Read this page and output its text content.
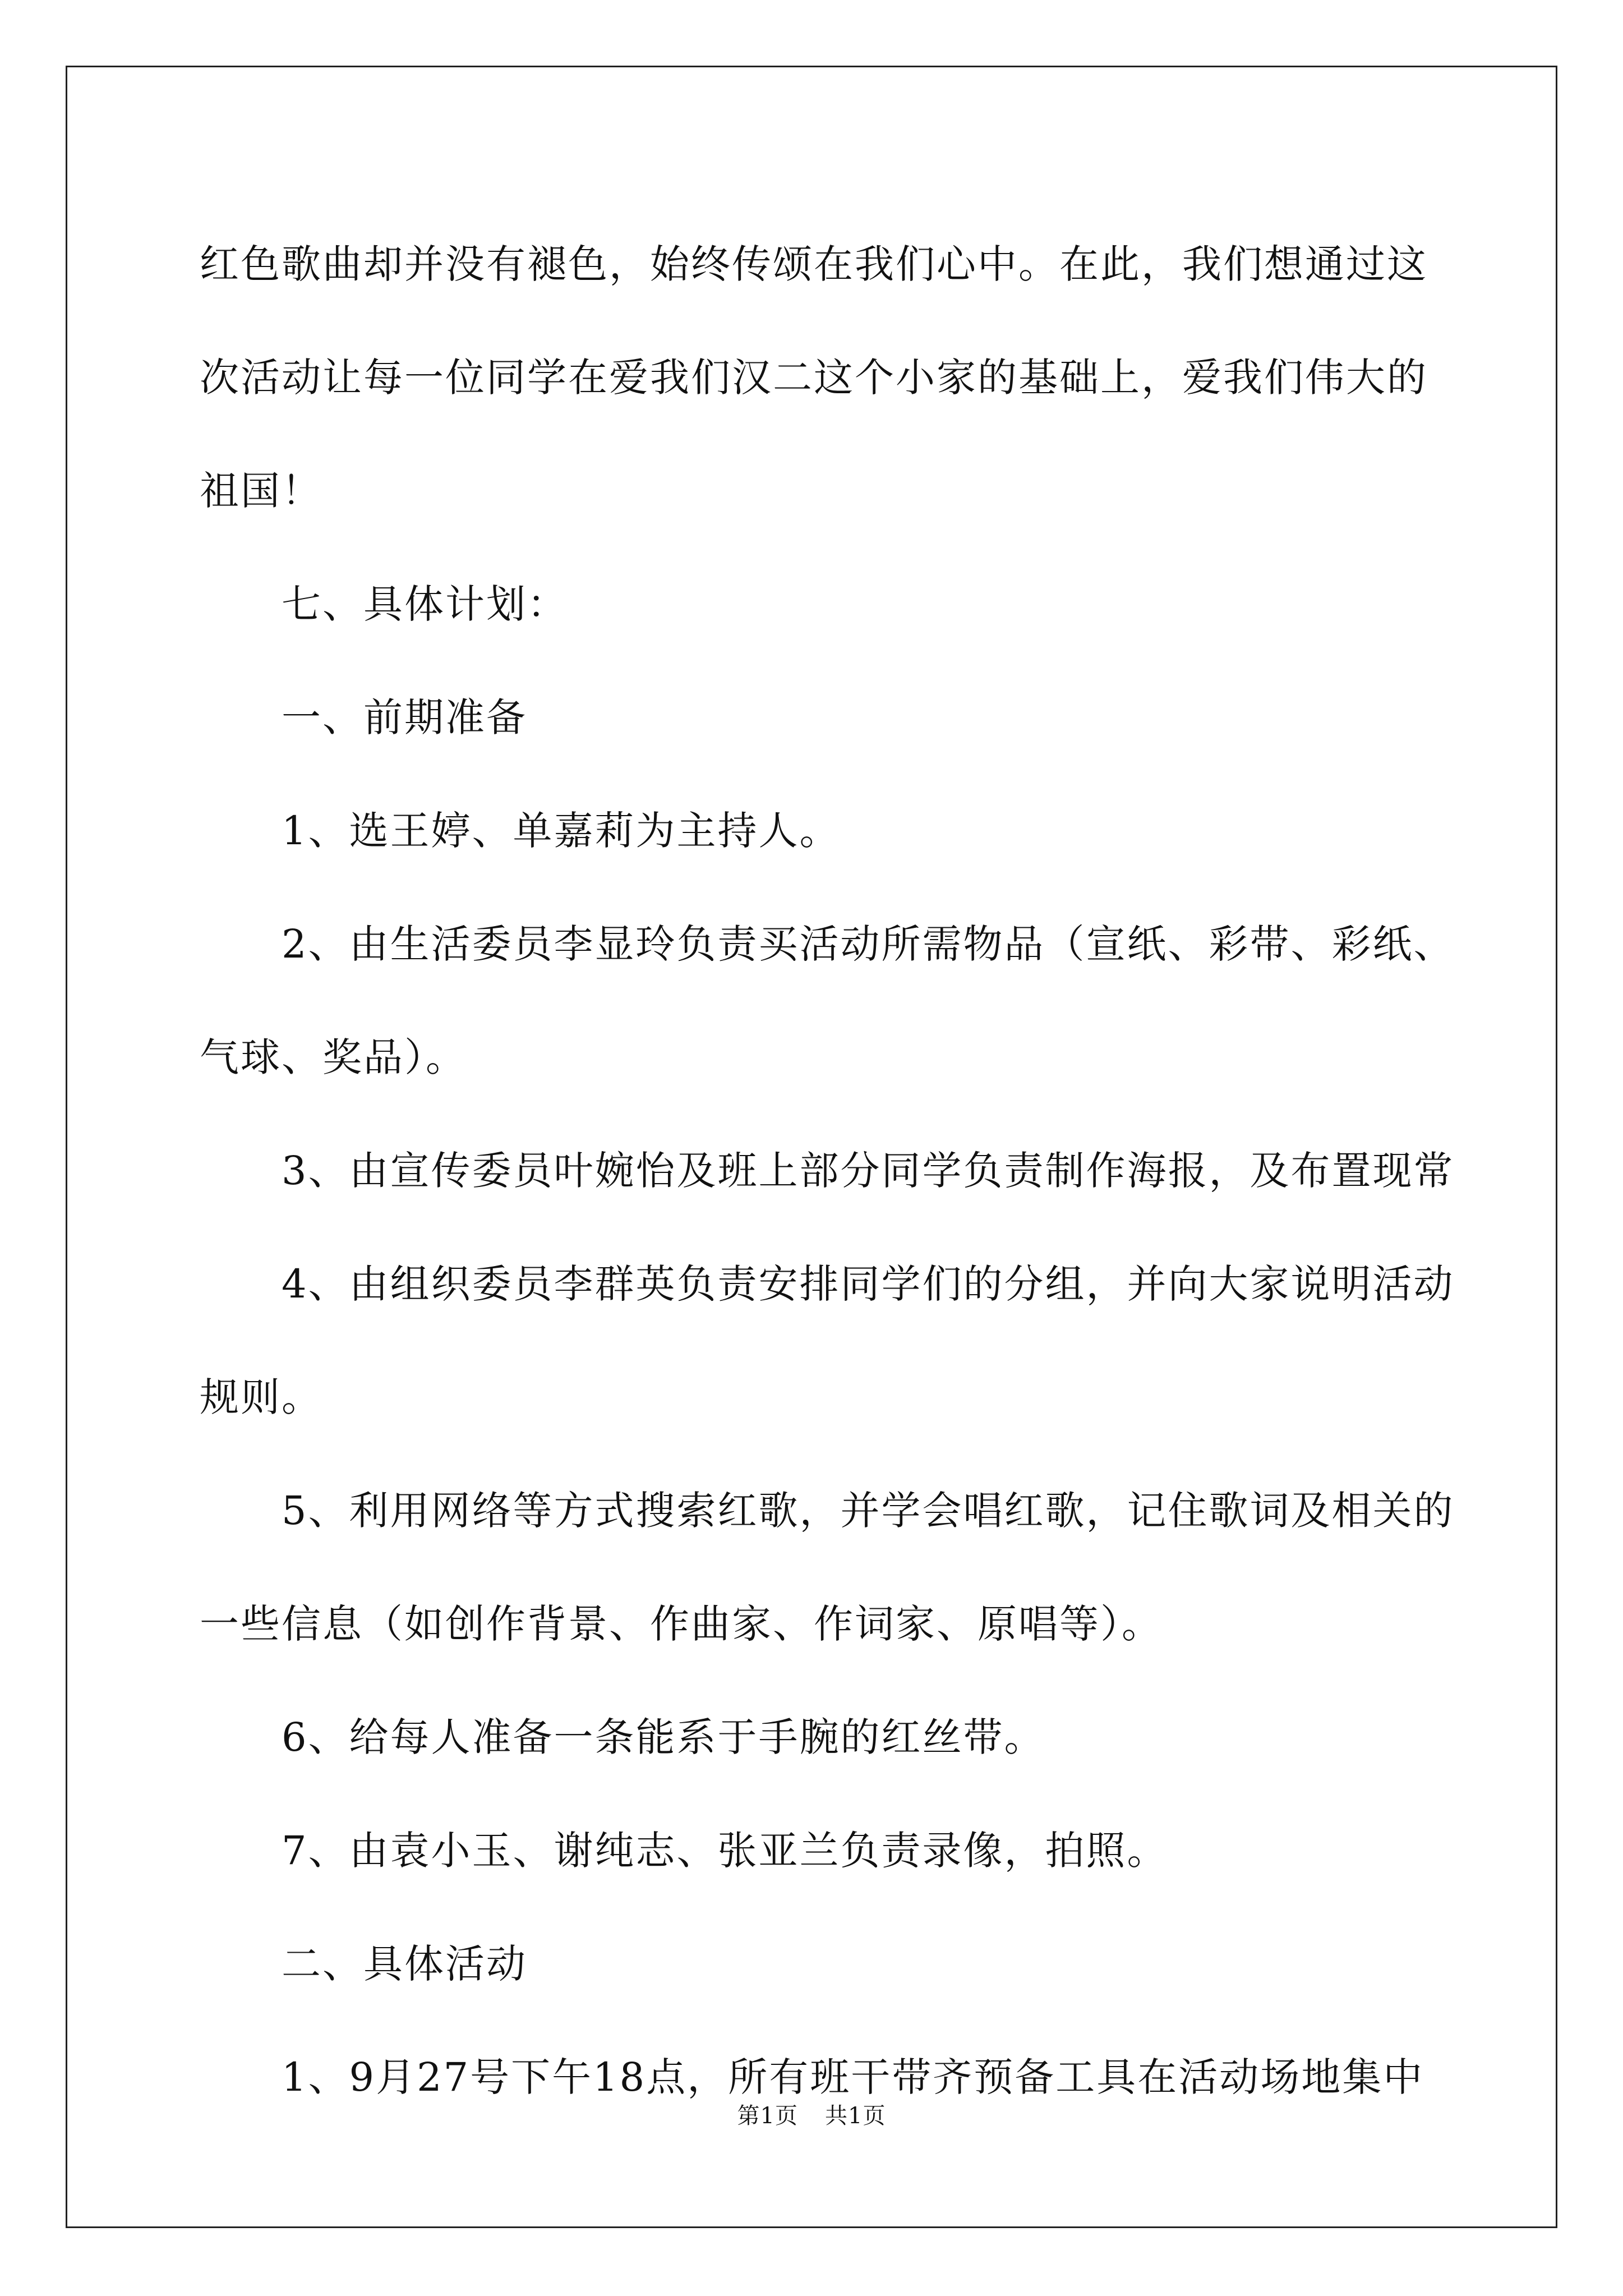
红色歌曲却并没有褪色，始终传颂在我们心中。在此，我们想通过这

次活动让每一位同学在爱我们汉二这个小家的基础上，爱我们伟大的

祖国！

七、具体计划：

一、前期准备

1、选王婷、单嘉莉为主持人。

2、由生活委员李显玲负责买活动所需物品（宣纸、彩带、彩纸、

气球、奖品）。

3、由宣传委员叶婉怡及班上部分同学负责制作海报，及布置现常

4、由组织委员李群英负责安排同学们的分组，并向大家说明活动

规则。

5、利用网络等方式搜索红歌，并学会唱红歌，记住歌词及相关的

一些信息（如创作背景、作曲家、作词家、原唱等）。

6、给每人准备一条能系于手腕的红丝带。

7、由袁小玉、谢纯志、张亚兰负责录像，拍照。

二、具体活动

1、9月27号下午18点，所有班干带齐预备工具在活动场地集中

第1页 共1页
